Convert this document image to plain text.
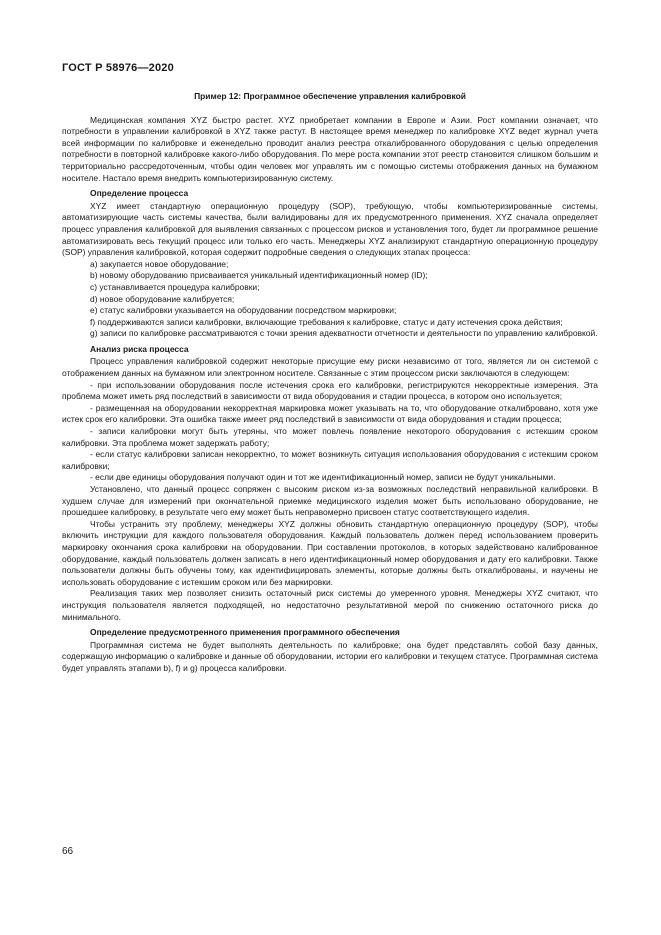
ГОСТ Р 58976—2020

Пример 12: Программное обеспечение управления калибровкой

Медицинская компания XYZ быстро растет. XYZ приобретает компании в Европе и Азии. Рост компании означает, что потребности в управлении калибровкой в XYZ также растут. В настоящее время менеджер по калибровке XYZ ведет журнал учета всей информации по калибровке и еженедельно проводит анализ реестра откалиброванного оборудования с целью определения потребности в повторной калибровке какого-либо оборудования. По мере роста компании этот реестр становится слишком большим и территориально рассредоточенным, чтобы один человек мог управлять им с помощью системы отображения данных на бумажном носителе. Настало время внедрить компьютеризированную систему.

Определение процесса

XYZ имеет стандартную операционную процедуру (SOP), требующую, чтобы компьютеризированные системы, автоматизирующие часть системы качества, были валидированы для их предусмотренного применения. XYZ сначала определяет процесс управления калибровкой для выявления связанных с процессом рисков и установления того, будет ли программное решение автоматизировать весь текущий процесс или только его часть. Менеджеры XYZ анализируют стандартную операционную процедуру (SOP) управления калибровкой, которая содержит подробные сведения о следующих этапах процесса:

а) закупается новое оборудование;

b) новому оборудованию присваивается уникальный идентификационный номер (ID);

c) устанавливается процедура калибровки;

d) новое оборудование калибруется;

e) статус калибровки указывается на оборудовании посредством маркировки;

f) поддерживаются записи калибровки, включающие требования к калибровке, статус и дату истечения срока действия;

g) записи по калибровке рассматриваются с точки зрения адекватности отчетности и деятельности по управлению калибровкой.

Анализ риска процесса

Процесс управления калибровкой содержит некоторые присущие ему риски независимо от того, является ли он системой с отображением данных на бумажном или электронном носителе. Связанные с этим процессом риски заключаются в следующем:

- при использовании оборудования после истечения срока его калибровки, регистрируются некорректные измерения. Эта проблема может иметь ряд последствий в зависимости от вида оборудования и стадии процесса, в котором оно используется;

- размещенная на оборудовании некорректная маркировка может указывать на то, что оборудование откалибровано, хотя уже истек срок его калибровки. Эта ошибка также имеет ряд последствий в зависимости от вида оборудования и стадии процесса;

- записи калибровки могут быть утеряны, что может повлечь появление некоторого оборудования с истекшим сроком калибровки. Эта проблема может задержать работу;

- если статус калибровки записан некорректно, то может возникнуть ситуация использования оборудования с истекшим сроком калибровки;

- если две единицы оборудования получают один и тот же идентификационный номер, записи не будут уникальными.

Установлено, что данный процесс сопряжен с высоким риском из-за возможных последствий неправильной калибровки. В худшем случае для измерений при окончательной приемке медицинского изделия может быть использовано оборудование, не прошедшее калибровку, в результате чего ему может быть неправомерно присвоен статус соответствующего изделия.

Чтобы устранить эту проблему, менеджеры XYZ должны обновить стандартную операционную процедуру (SOP), чтобы включить инструкции для каждого пользователя оборудования. Каждый пользователь должен перед использованием проверить маркировку окончания срока калибровки на оборудовании. При составлении протоколов, в которых задействовано калиброванное оборудование, каждый пользователь должен записать в него идентификационный номер оборудования и дату его калибровки. Также пользователи должны быть обучены тому, как идентифицировать элементы, которые должны быть откалиброваны, и научены не использовать оборудование с истекшим сроком или без маркировки.

Реализация таких мер позволяет снизить остаточный риск системы до умеренного уровня. Менеджеры XYZ считают, что инструкция пользователя является подходящей, но недостаточно результативной мерой по снижению остаточного риска до минимального.

Определение предусмотренного применения программного обеспечения

Программная система не будет выполнять деятельность по калибровке; она будет представлять собой базу данных, содержащую информацию о калибровке и данные об оборудовании, истории его калибровки и текущем статусе. Программная система будет управлять этапами b), f) и g) процесса калибровки.

66
